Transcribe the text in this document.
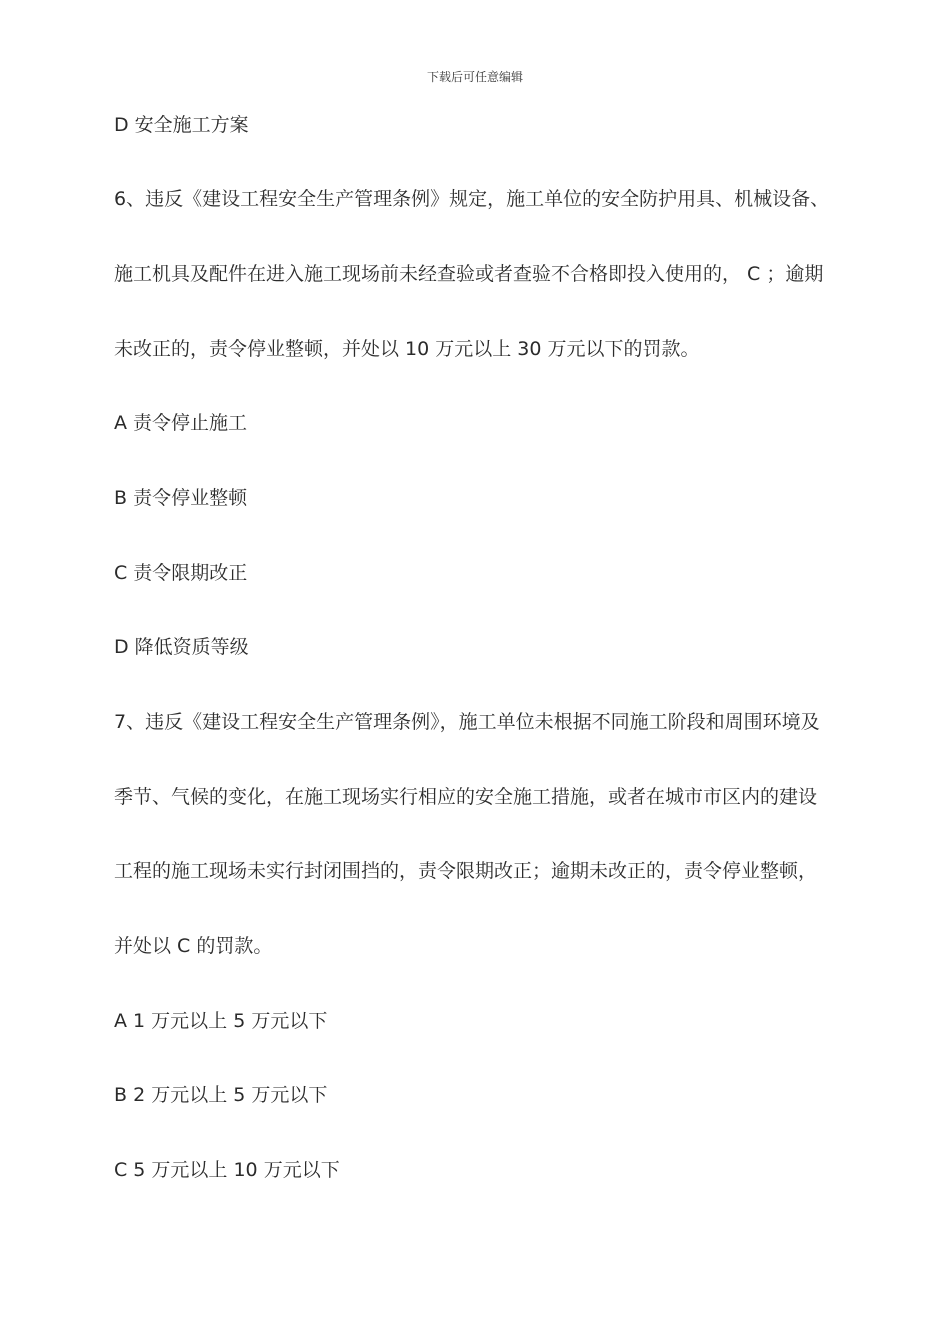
下载后可任意编辑
D 安全施工方案
6、违反《建设工程安全生产管理条例》规定，施工单位的安全防护用具、机械设备、
施工机具及配件在进入施工现场前未经查验或者查验不合格即投入使用的， C ；逾期
未改正的，责令停业整顿，并处以 10 万元以上 30 万元以下的罚款。
A 责令停止施工
B 责令停业整顿
C 责令限期改正
D 降低资质等级
7、违反《建设工程安全生产管理条例》，施工单位未根据不同施工阶段和周围环境及
季节、气候的变化，在施工现场实行相应的安全施工措施，或者在城市市区内的建设
工程的施工现场未实行封闭围挡的，责令限期改正；逾期未改正的，责令停业整顿，
并处以 C 的罚款。
A 1 万元以上 5 万元以下
B 2 万元以上 5 万元以下
C 5 万元以上 10 万元以下
